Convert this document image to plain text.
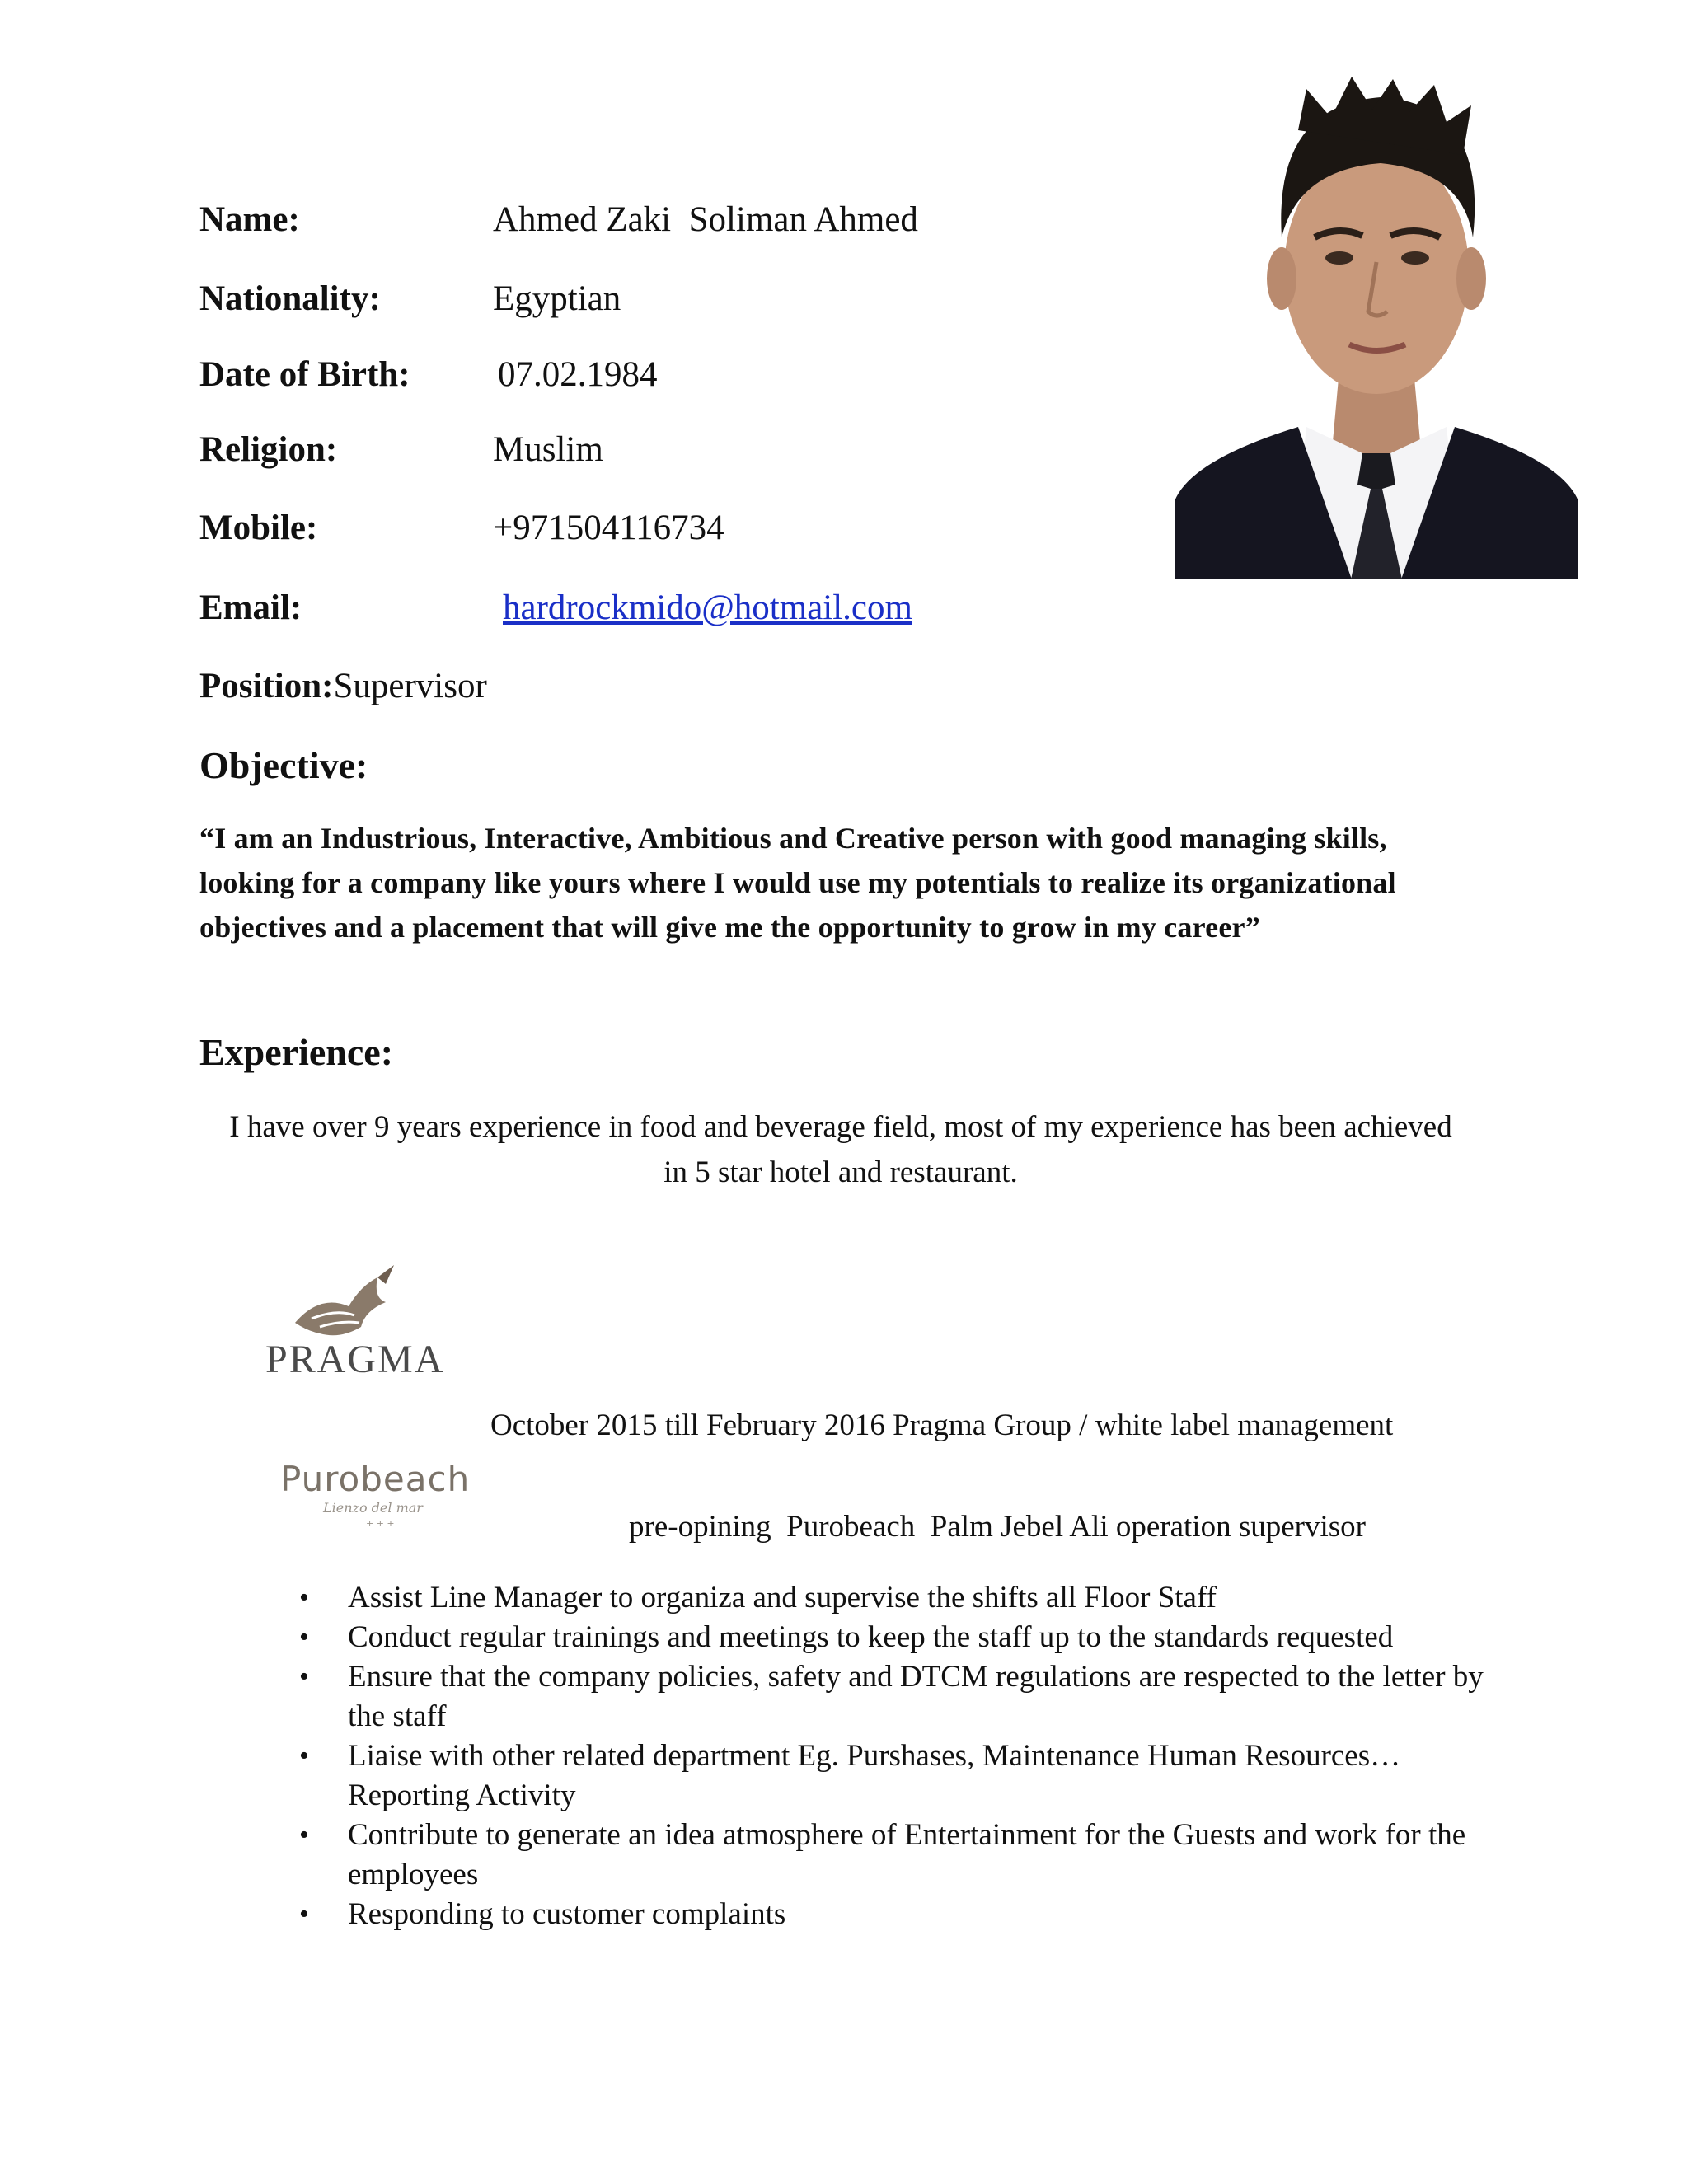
Name:	Ahmed Zaki  Soliman Ahmed
Nationality:	Egyptian
Date of Birth: 07.02.1984
Religion:	Muslim
Mobile:	+971504116734
Email:	hardrockmido@hotmail.com
Position:Supervisor
Objective:
“I am an Industrious, Interactive, Ambitious and Creative person with good managing skills, looking for a company like yours where I would use my potentials to realize its organizational objectives and a placement that will give me the opportunity to grow in my career”
Experience:
I have over 9 years experience in food and beverage field, most of my experience has been achieved in 5 star hotel and restaurant.
PRAGMA
Purobeach
Lienzo del mar
+ + +
October 2015 till February 2016 Pragma Group / white label management
pre-opining  Purobeach  Palm Jebel Ali operation supervisor
• Assist Line Manager to organiza and supervise the shifts all Floor Staff
• Conduct regular trainings and meetings to keep the staff up to the standards requested
• Ensure that the company policies, safety and DTCM regulations are respected to the letter by the staff
• Liaise with other related department Eg. Purshases, Maintenance Human Resources… Reporting Activity
• Contribute to generate an idea atmosphere of Entertainment for the Guests and work for the employees
• Responding to customer complaints
